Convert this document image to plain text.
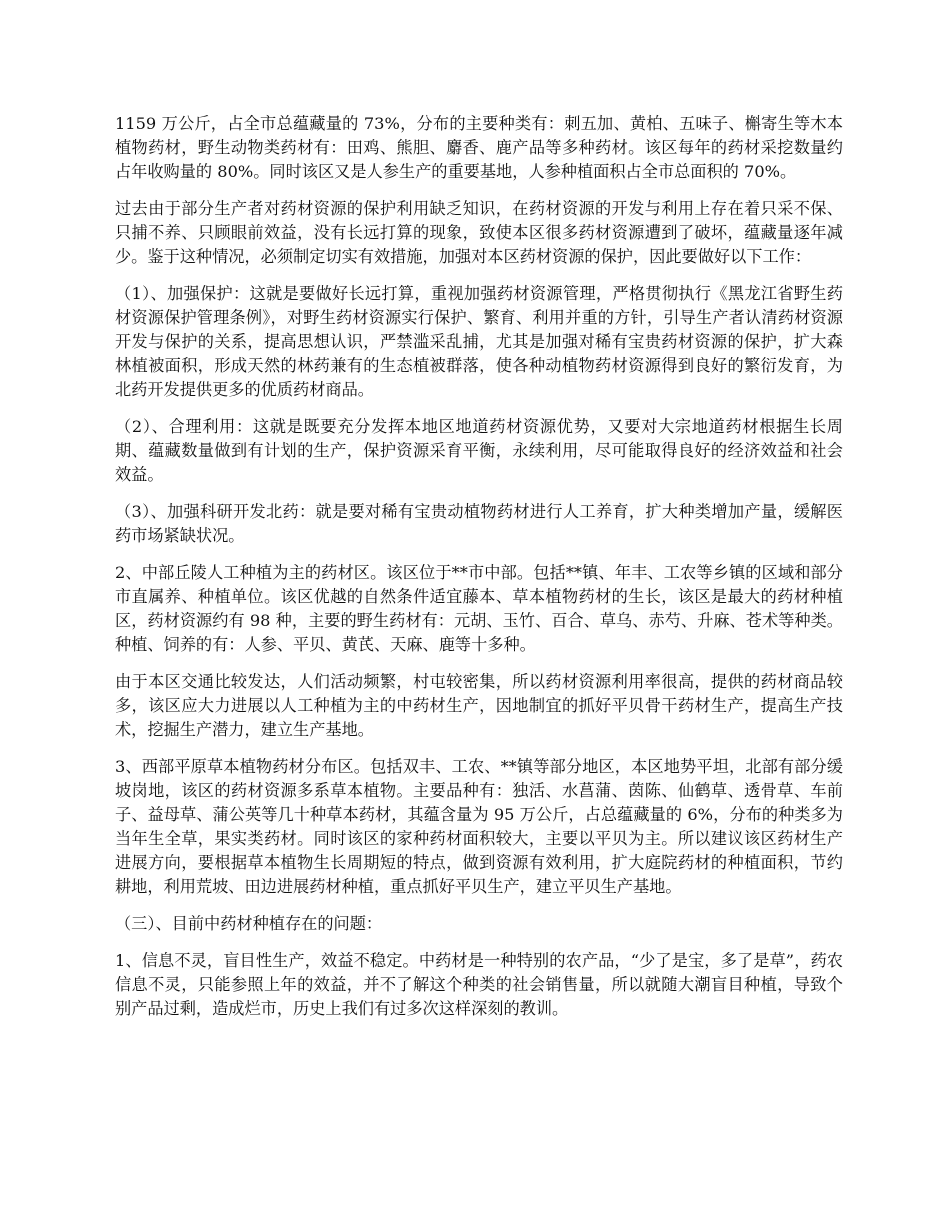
1159 万公斤，占全市总蕴藏量的 73%，分布的主要种类有：刺五加、黄柏、五味子、槲寄生等木本植物药材，野生动物类药材有：田鸡、熊胆、麝香、鹿产品等多种药材。该区每年的药材采挖数量约占年收购量的 80%。同时该区又是人参生产的重要基地，人参种植面积占全市总面积的 70%。

过去由于部分生产者对药材资源的保护利用缺乏知识，在药材资源的开发与利用上存在着只采不保、只捕不养、只顾眼前效益，没有长远打算的现象，致使本区很多药材资源遭到了破坏，蕴藏量逐年减少。鉴于这种情况，必须制定切实有效措施，加强对本区药材资源的保护，因此要做好以下工作：

（1）、加强保护：这就是要做好长远打算，重视加强药材资源管理，严格贯彻执行《黑龙江省野生药材资源保护管理条例》，对野生药材资源实行保护、繁育、利用并重的方针，引导生产者认清药材资源开发与保护的关系，提高思想认识，严禁滥采乱捕，尤其是加强对稀有宝贵药材资源的保护，扩大森林植被面积，形成天然的林药兼有的生态植被群落，使各种动植物药材资源得到良好的繁衍发育，为北药开发提供更多的优质药材商品。

（2）、合理利用：这就是既要充分发挥本地区地道药材资源优势，又要对大宗地道药材根据生长周期、蕴藏数量做到有计划的生产，保护资源采育平衡，永续利用，尽可能取得良好的经济效益和社会效益。

（3）、加强科研开发北药：就是要对稀有宝贵动植物药材进行人工养育，扩大种类增加产量，缓解医药市场紧缺状况。

2、中部丘陵人工种植为主的药材区。该区位于**市中部。包括**镇、年丰、工农等乡镇的区域和部分市直属养、种植单位。该区优越的自然条件适宜藤本、草本植物药材的生长，该区是最大的药材种植区，药材资源约有 98 种，主要的野生药材有：元胡、玉竹、百合、草乌、赤芍、升麻、苍术等种类。种植、饲养的有：人参、平贝、黄芪、天麻、鹿等十多种。

由于本区交通比较发达，人们活动频繁，村屯较密集，所以药材资源利用率很高，提供的药材商品较多，该区应大力进展以人工种植为主的中药材生产，因地制宜的抓好平贝骨干药材生产，提高生产技术，挖掘生产潜力，建立生产基地。

3、西部平原草本植物药材分布区。包括双丰、工农、**镇等部分地区，本区地势平坦，北部有部分缓坡岗地，该区的药材资源多系草本植物。主要品种有：独活、水菖蒲、茵陈、仙鹤草、透骨草、车前子、益母草、蒲公英等几十种草本药材，其蕴含量为 95 万公斤，占总蕴藏量的 6%，分布的种类多为当年生全草，果实类药材。同时该区的家种药材面积较大，主要以平贝为主。所以建议该区药材生产进展方向，要根据草本植物生长周期短的特点，做到资源有效利用，扩大庭院药材的种植面积，节约耕地，利用荒坡、田边进展药材种植，重点抓好平贝生产，建立平贝生产基地。

（三）、目前中药材种植存在的问题：

1、信息不灵，盲目性生产，效益不稳定。中药材是一种特别的农产品，“少了是宝，多了是草”，药农信息不灵，只能参照上年的效益，并不了解这个种类的社会销售量，所以就随大潮盲目种植，导致个别产品过剩，造成烂市，历史上我们有过多次这样深刻的教训。
